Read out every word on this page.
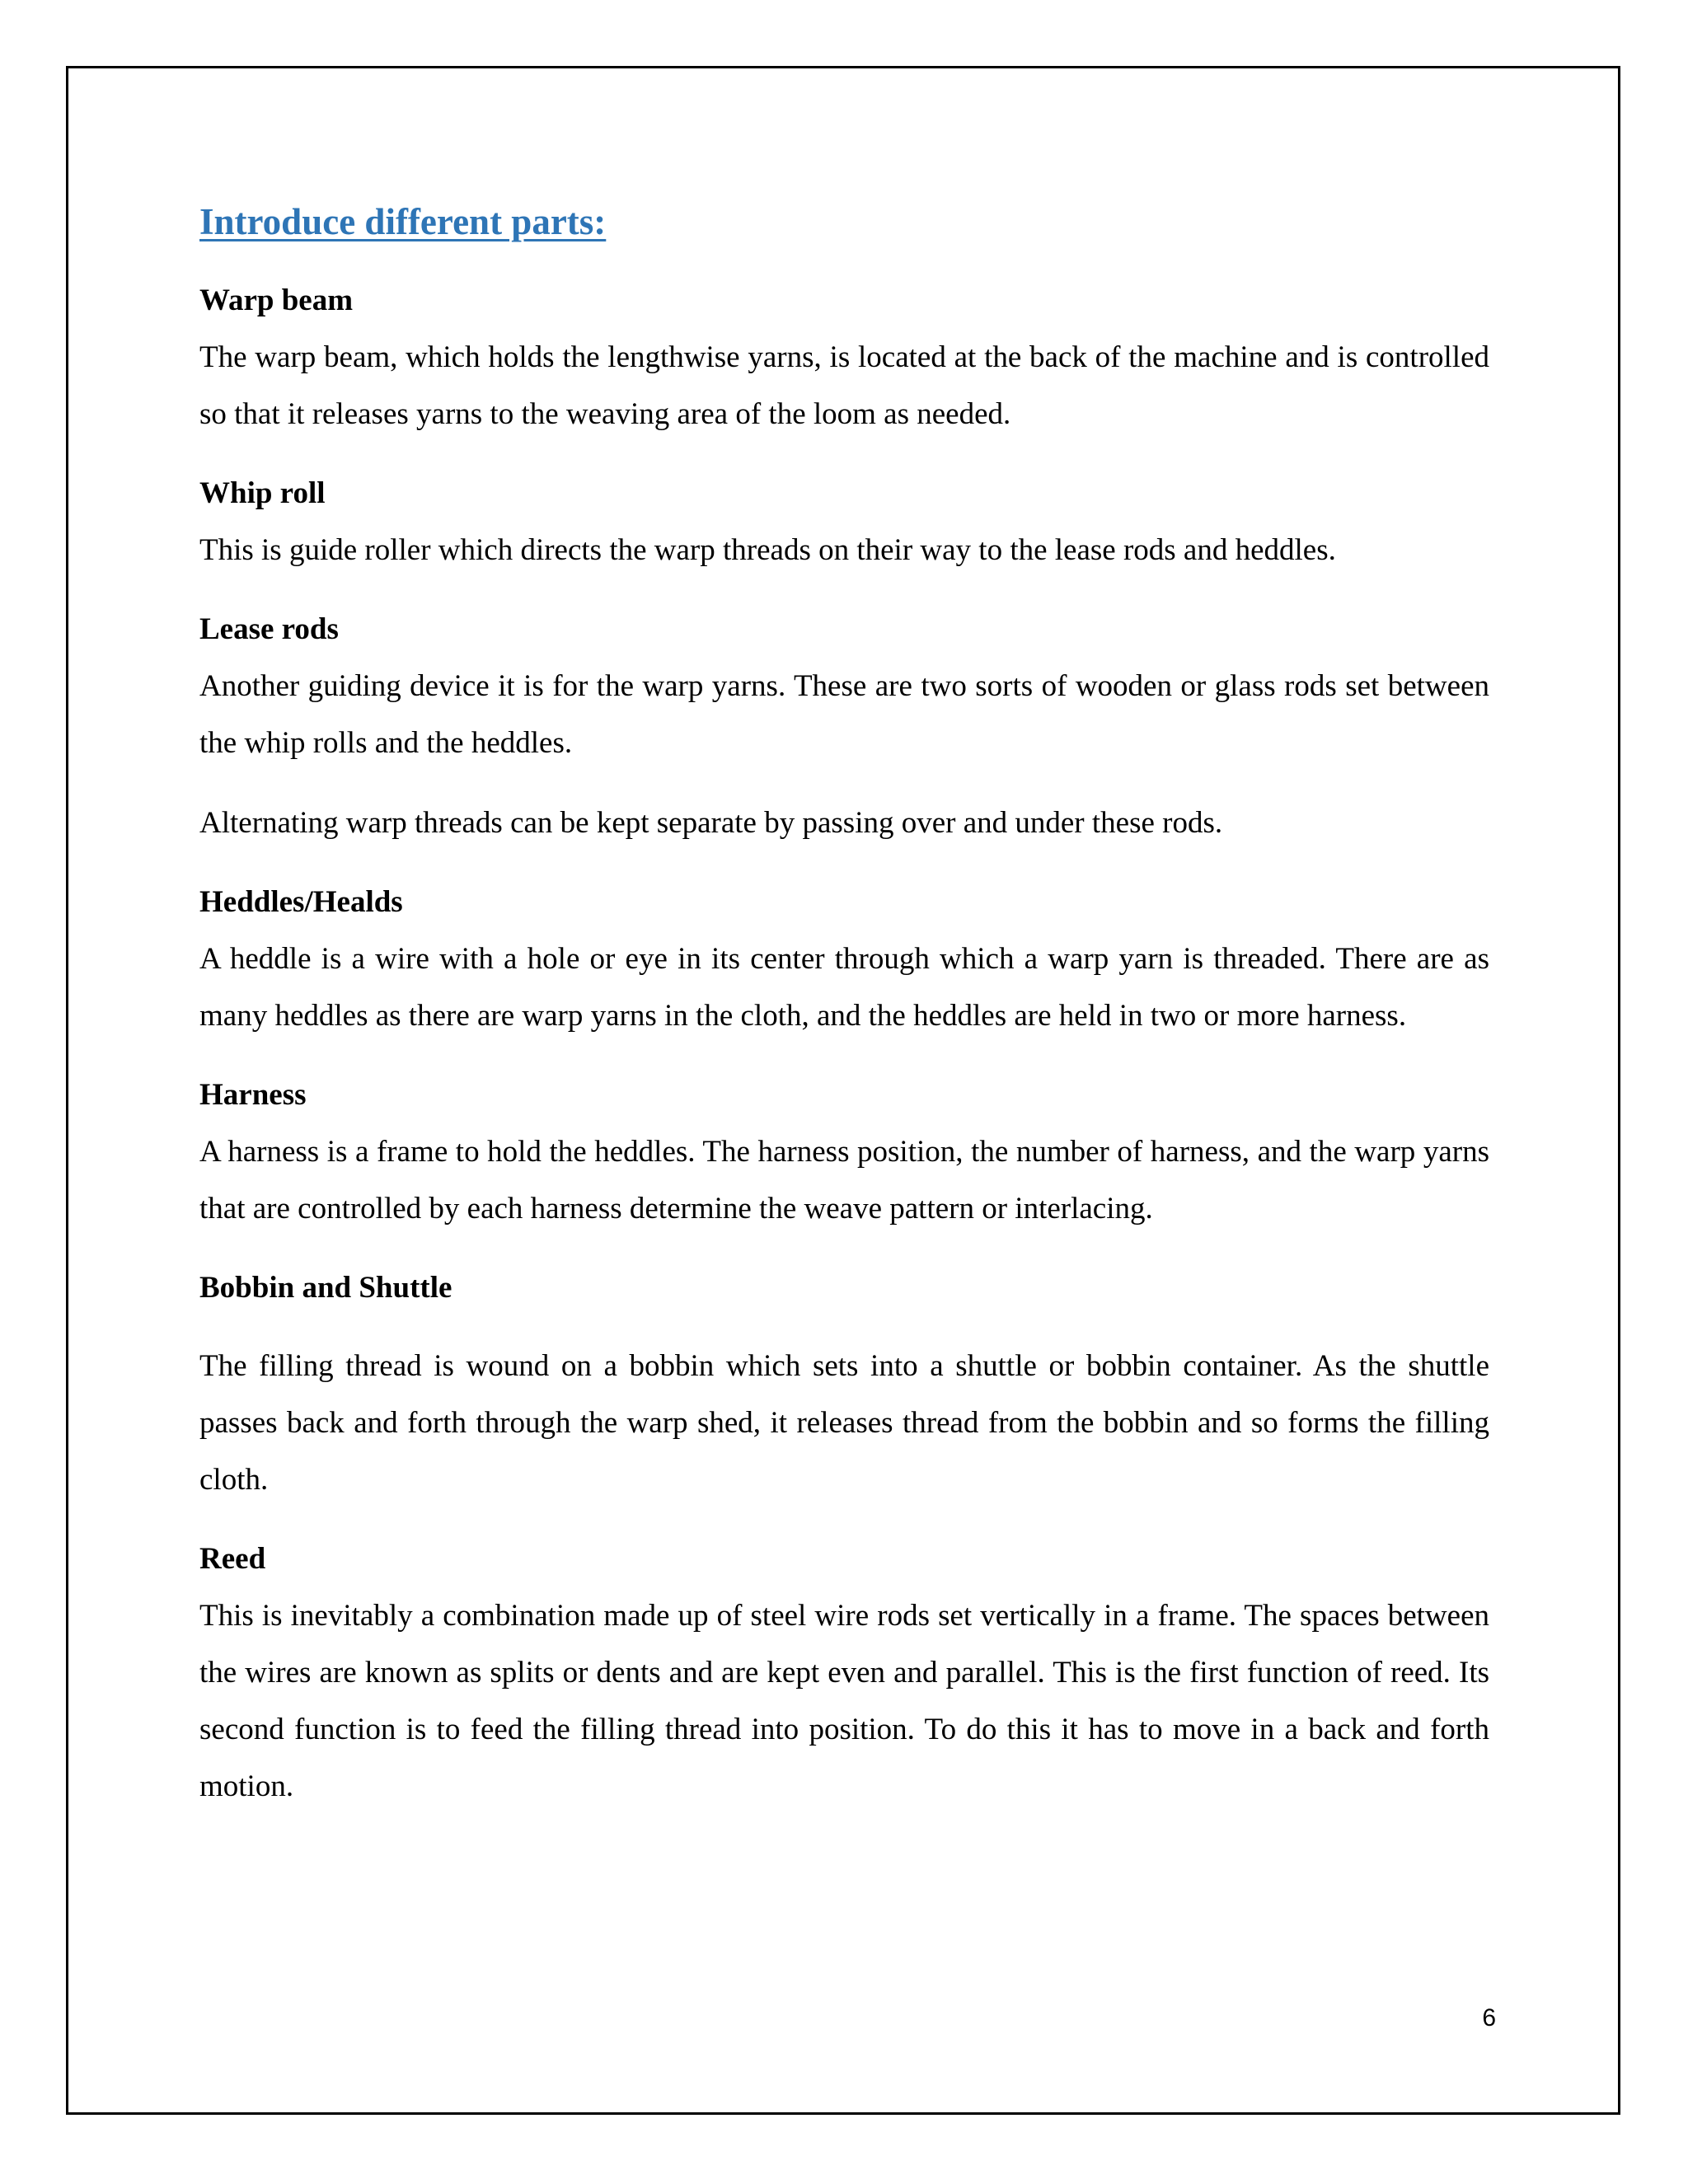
Introduce different parts:

Warp beam

The warp beam, which holds the lengthwise yarns, is located at the back of the machine and is controlled so that it releases yarns to the weaving area of the loom as needed.

Whip roll

This is guide roller which directs the warp threads on their way to the lease rods and heddles.

Lease rods

Another guiding device it is for the warp yarns. These are two sorts of wooden or glass rods set between the whip rolls and the heddles.

Alternating warp threads can be kept separate by passing over and under these rods.

Heddles/Healds

A heddle is a wire with a hole or eye in its center through which a warp yarn is threaded. There are as many heddles as there are warp yarns in the cloth, and the heddles are held in two or more harness.

Harness

A harness is a frame to hold the heddles. The harness position, the number of harness, and the warp yarns that are controlled by each harness determine the weave pattern or interlacing.

Bobbin and Shuttle

The filling thread is wound on a bobbin which sets into a shuttle or bobbin container. As the shuttle passes back and forth through the warp shed, it releases thread from the bobbin and so forms the filling cloth.

Reed

This is inevitably a combination made up of steel wire rods set vertically in a frame. The spaces between the wires are known as splits or dents and are kept even and parallel. This is the first function of reed. Its second function is to feed the filling thread into position. To do this it has to move in a back and forth motion.

6
